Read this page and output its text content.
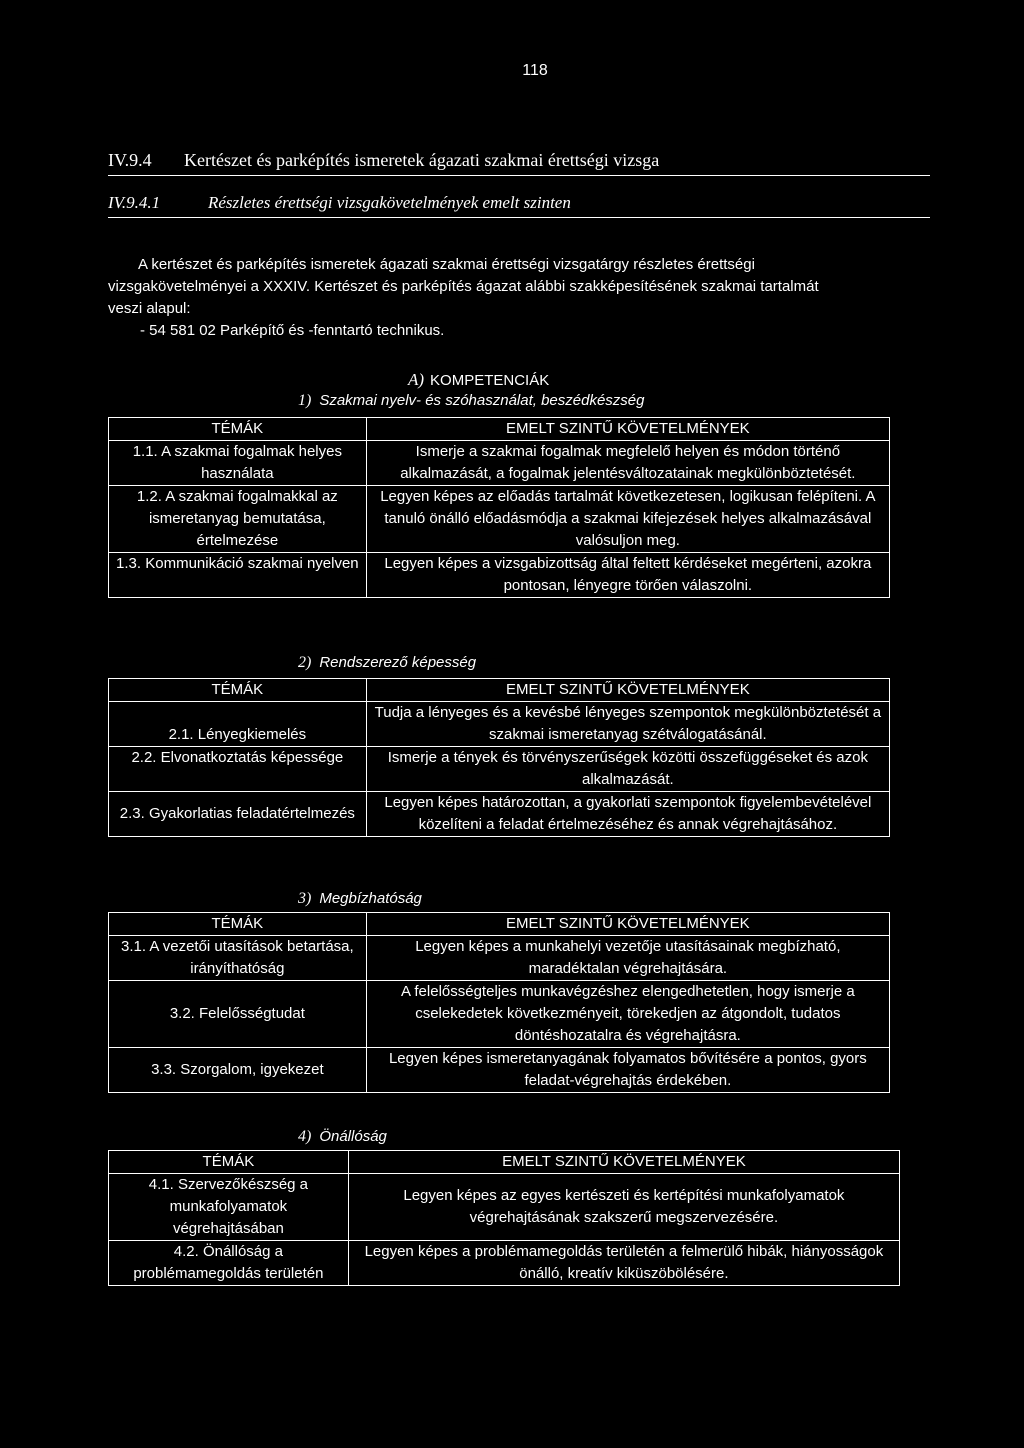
118
IV.9.4 Kertészet és parképítés ismeretek ágazati szakmai érettségi vizsga
IV.9.4.1	Részletes érettségi vizsgakövetelmények emelt szinten

A kertészet és parképítés ismeretek ágazati szakmai érettségi vizsgatárgy részletes érettségi

vizsgakövetelményei a XXXIV. Kertészet és parképítés ágazat alábbi szakképesítésének szakmai tartalmát

veszi alapul:

- 54 581 02 Parképítő és -fenntartó technikus.

A) KOMPETENCIÁK
1) Szakmai nyelv- és szóhasználat, beszédkészség
TÉMÁK	EMELT SZINTŰ KÖVETELMÉNYEK
1.1. A szakmai fogalmak helyes használata	Ismerje a szakmai fogalmak megfelelő helyen és módon történő alkalmazását, a fogalmak jelentésváltozatainak megkülönböztetését.
1.2. A szakmai fogalmakkal az ismeretanyag bemutatása, értelmezése	Legyen képes az előadás tartalmát következetesen, logikusan felépíteni. A tanuló önálló előadásmódja a szakmai kifejezések helyes alkalmazásával valósuljon meg.
1.3. Kommunikáció szakmai nyelven	Legyen képes a vizsgabizottság által feltett kérdéseket megérteni, azokra pontosan, lényegre törően válaszolni.
2) Rendszerező képesség
TÉMÁK	EMELT SZINTŰ KÖVETELMÉNYEK
2.1. Lényegkiemelés	Tudja a lényeges és a kevésbé lényeges szempontok megkülönböztetését a szakmai ismeretanyag szétválogatásánál.
2.2. Elvonatkoztatás képessége	Ismerje a tények és törvényszerűségek közötti összefüggéseket és azok alkalmazását.
2.3. Gyakorlatias feladatértelmezés	Legyen képes határozottan, a gyakorlati szempontok figyelembevételével közelíteni a feladat értelmezéséhez és annak végrehajtásához.
3) Megbízhatóság
TÉMÁK	EMELT SZINTŰ KÖVETELMÉNYEK
3.1. A vezetői utasítások betartása, irányíthatóság	Legyen képes a munkahelyi vezetője utasításainak megbízható, maradéktalan végrehajtására.
3.2. Felelősségtudat	A felelősségteljes munkavégzéshez elengedhetetlen, hogy ismerje a cselekedetek következményeit, törekedjen az átgondolt, tudatos döntéshozatalra és végrehajtásra.
3.3. Szorgalom, igyekezet	Legyen képes ismeretanyagának folyamatos bővítésére a pontos, gyors feladat-végrehajtás érdekében.
4) Önállóság
TÉMÁK	EMELT SZINTŰ KÖVETELMÉNYEK
4.1. Szervezőkészség a munkafolyamatok végrehajtásában	Legyen képes az egyes kertészeti és kertépítési munkafolyamatok végrehajtásának szakszerű megszervezésére.
4.2. Önállóság a problémamegoldás területén	Legyen képes a problémamegoldás területén a felmerülő hibák, hiányosságok önálló, kreatív kiküszöbölésére.
